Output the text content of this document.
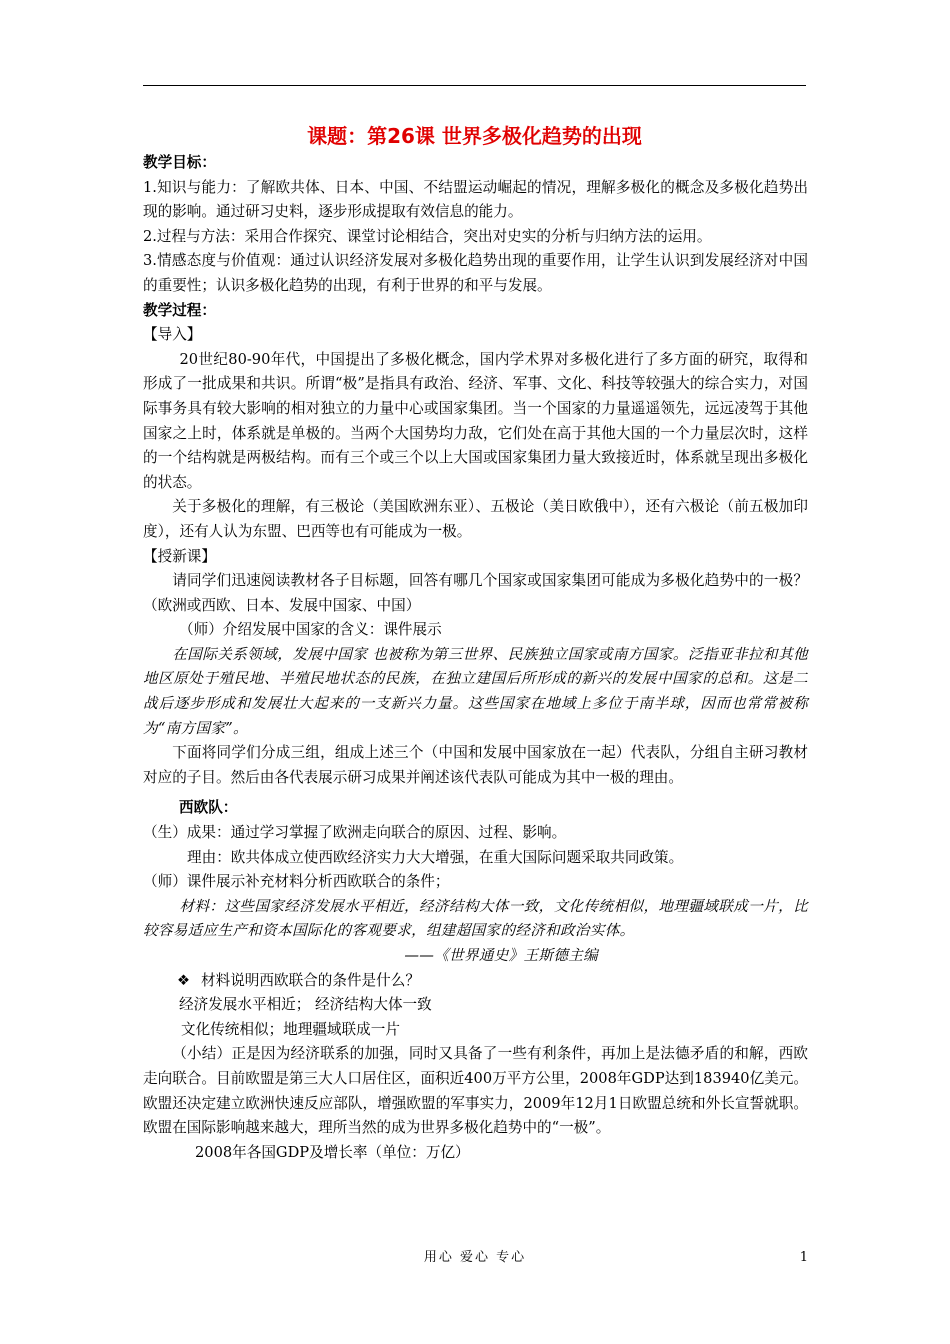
课题：第26课 世界多极化趋势的出现

教学目标：

1.知识与能力：了解欧共体、日本、中国、不结盟运动崛起的情况，理解多极化的概念及多极化趋势出现的影响。通过研习史料，逐步形成提取有效信息的能力。

2.过程与方法：采用合作探究、课堂讨论相结合，突出对史实的分析与归纳方法的运用。

3.情感态度与价值观：通过认识经济发展对多极化趋势出现的重要作用，让学生认识到发展经济对中国的重要性；认识多极化趋势的出现，有利于世界的和平与发展。

教学过程：

【导入】

20世纪80-90年代，中国提出了多极化概念，国内学术界对多极化进行了多方面的研究，取得和形成了一批成果和共识。所谓“极”是指具有政治、经济、军事、文化、科技等较强大的综合实力，对国际事务具有较大影响的相对独立的力量中心或国家集团。当一个国家的力量遥遥领先，远远凌驾于其他国家之上时，体系就是单极的。当两个大国势均力敌，它们处在高于其他大国的一个力量层次时，这样的一个结构就是两极结构。而有三个或三个以上大国或国家集团力量大致接近时，体系就呈现出多极化的状态。

关于多极化的理解，有三极论（美国欧洲东亚）、五极论（美日欧俄中），还有六极论（前五极加印度），还有人认为东盟、巴西等也有可能成为一极。

【授新课】

请同学们迅速阅读教材各子目标题，回答有哪几个国家或国家集团可能成为多极化趋势中的一极？（欧洲或西欧、日本、发展中国家、中国）

（师）介绍发展中国家的含义：课件展示

在国际关系领域，发展中国家 也被称为第三世界、民族独立国家或南方国家。泛指亚非拉和其他地区原处于殖民地、半殖民地状态的民族，在独立建国后所形成的新兴的发展中国家的总和。这是二战后逐步形成和发展壮大起来的一支新兴力量。这些国家在地域上多位于南半球，因而也常常被称为“南方国家”。

下面将同学们分成三组，组成上述三个（中国和发展中国家放在一起）代表队，分组自主研习教材对应的子目。然后由各代表展示研习成果并阐述该代表队可能成为其中一极的理由。

西欧队：

（生）成果：通过学习掌握了欧洲走向联合的原因、过程、影响。

理由：欧共体成立使西欧经济实力大大增强，在重大国际问题采取共同政策。

（师）课件展示补充材料分析西欧联合的条件；

材料：这些国家经济发展水平相近，经济结构大体一致，文化传统相似，地理疆域联成一片，比较容易适应生产和资本国际化的客观要求，组建超国家的经济和政治实体。

——《世界通史》王斯德主编

❖ 材料说明西欧联合的条件是什么？

经济发展水平相近； 经济结构大体一致

文化传统相似；地理疆域联成一片

（小结）正是因为经济联系的加强，同时又具备了一些有利条件，再加上是法德矛盾的和解，西欧走向联合。目前欧盟是第三大人口居住区，面积近400万平方公里，2008年GDP达到183940亿美元。欧盟还决定建立欧洲快速反应部队，增强欧盟的军事实力，2009年12月1日欧盟总统和外长宣誓就职。欧盟在国际影响越来越大，理所当然的成为世界多极化趋势中的“一极”。

2008年各国GDP及增长率（单位：万亿）

用心 爱心 专心	1
